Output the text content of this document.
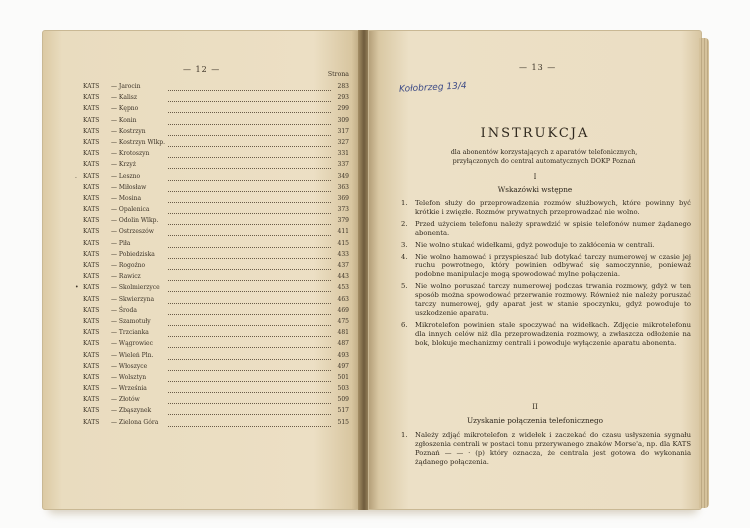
— 12 —
Strona
KATS — Jarocin	283
KATS — Kalisz	293
KATS — Kępno	299
KATS — Konin	309
KATS — Kostrzyn	317
KATS — Kostrzyn Wlkp.	327
KATS — Krotoszyn	331
KATS — Krzyż	337
. KATS — Leszno	349
KATS — Miłosław	363
KATS — Mosina	369
KATS — Opalenica	373
KATS — Odolin Wlkp.	379
KATS — Ostrzeszów	411
KATS — Piła	415
KATS — Pobiedziska	433
KATS — Rogoźno	437
KATS — Rawicz	443
• KATS — Skolmierzyce	453
KATS — Skwierzyna	463
KATS — Środa	469
KATS — Szamotuły	475
KATS — Trzcianka	481
KATS — Wągrowiec	487
KATS — Wieleń Pln.	493
KATS — Włoszyce	497
KATS — Wolsztyn	501
KATS — Września	503
KATS — Złotów	509
KATS — Zbąszynek	517
KATS — Zielona Góra	515
— 13 —
Kołobrzeg 13/4
INSTRUKCJA
dla abonentów korzystających z aparatów telefonicznych,
przyłączonych do central automatycznych DOKP Poznań
I
Wskazówki wstępne
1. Telefon służy do przeprowadzenia rozmów służbowych, które powinny być krótkie i zwięzłe. Rozmów prywatnych przeprowadzać nie wolno.
2. Przed użyciem telefonu należy sprawdzić w spisie telefonów numer żądanego abonenta.
3. Nie wolno stukać widełkami, gdyż powoduje to zakłócenia w centrali.
4. Nie wolno hamować i przyspieszać lub dotykać tarczy numerowej w czasie jej ruchu powrotnego, który powinien odbywać się samoczynnie, ponieważ podobne manipulacje mogą spowodować mylne połączenia.
5. Nie wolno poruszać tarczy numerowej podczas trwania rozmowy, gdyż w ten sposób można spowodować przerwanie rozmowy. Również nie należy poruszać tarczy numerowej, gdy aparat jest w stanie spoczynku, gdyż powoduje to uszkodzenie aparatu.
6. Mikrotelefon powinien stale spoczywać na widełkach. Zdjęcie mikrotelefonu dla innych celów niż dla przeprowadzenia rozmowy, a zwłaszcza odłożenie na bok, blokuje mechanizmy centrali i powoduje wyłączenie aparatu abonenta.
II
Uzyskanie połączenia telefonicznego
1. Należy zdjąć mikrotelefon z widełek i zaczekać do czasu usłyszenia sygnału zgłoszenia centrali w postaci tonu przerywanego znaków Morse'a, np. dla KATS Poznań — — · (p) który oznacza, że centrala jest gotowa do wykonania żądanego połączenia.
